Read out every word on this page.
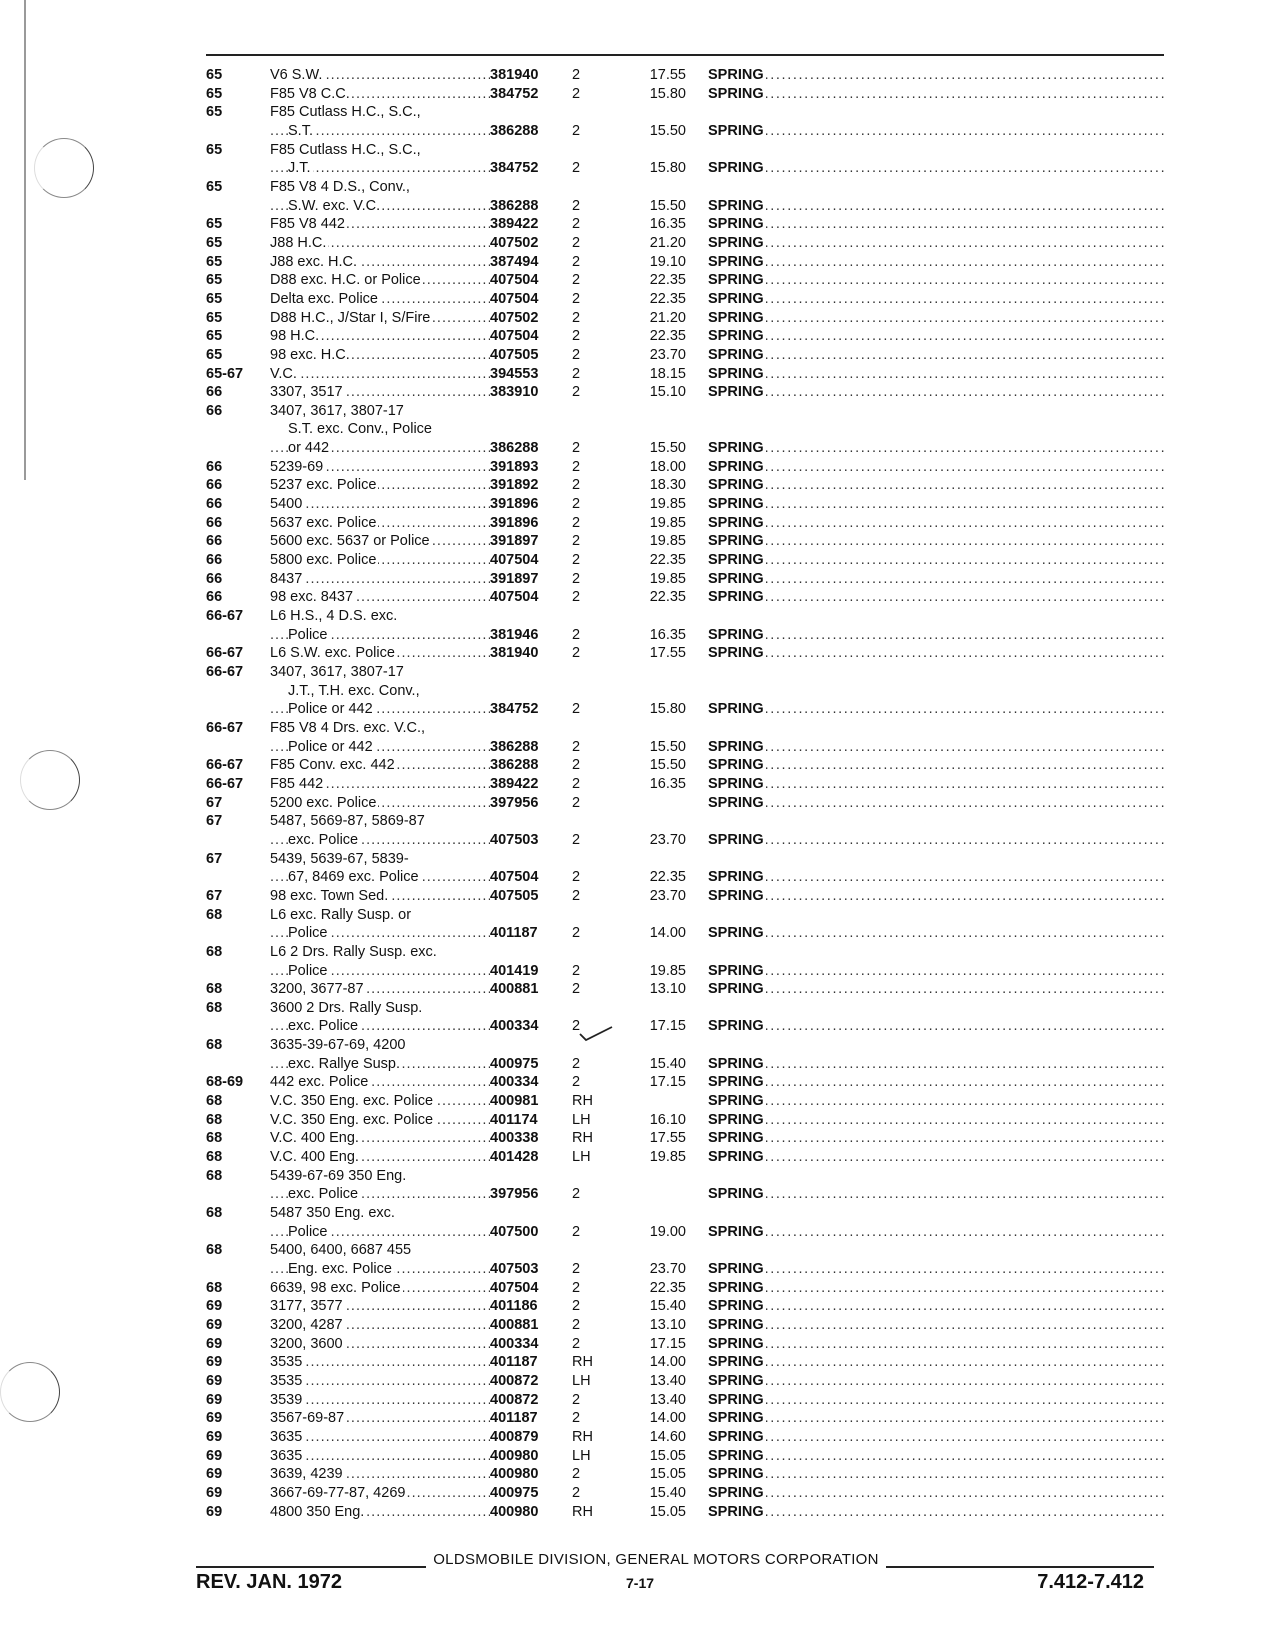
65	V6 S.W. . . .	381940	2	17.55	SPRING . . .
65	F85 V8 C.C. . . .	384752	2	15.80	SPRING . . .
65	F85 Cutlass H.C., S.C.,
S.T. . . .	386288	2	15.50	SPRING . . .
65	F85 Cutlass H.C., S.C.,
J.T. . . .	384752	2	15.80	SPRING . . .
65	F85 V8 4 D.S., Conv.,
S.W. exc. V.C. . . .	386288	2	15.50	SPRING . . .
65	F85 V8 442 . . .	389422	2	16.35	SPRING . . .
65	J88 H.C. . . .	407502	2	21.20	SPRING . . .
65	J88 exc. H.C. . . .	387494	2	19.10	SPRING . . .
65	D88 exc. H.C. or Police . . .	407504	2	22.35	SPRING . . .
65	Delta exc. Police . . .	407504	2	22.35	SPRING . . .
65	D88 H.C., J/Star I, S/Fire . . .	407502	2	21.20	SPRING . . .
65	98 H.C. . . .	407504	2	22.35	SPRING . . .
65	98 exc. H.C. . . .	407505	2	23.70	SPRING . . .
65-67	V.C. . . .	394553	2	18.15	SPRING . . .
66	3307, 3517 . . .	383910	2	15.10	SPRING . . .
66	3407, 3617, 3807-17
S.T. exc. Conv., Police
or 442 . . .	386288	2	15.50	SPRING . . .
66	5239-69 . . .	391893	2	18.00	SPRING . . .
66	5237 exc. Police . . .	391892	2	18.30	SPRING . . .
66	5400 . . .	391896	2	19.85	SPRING . . .
66	5637 exc. Police . . .	391896	2	19.85	SPRING . . .
66	5600 exc. 5637 or Police . . .	391897	2	19.85	SPRING . . .
66	5800 exc. Police . . .	407504	2	22.35	SPRING . . .
66	8437 . . .	391897	2	19.85	SPRING . . .
66	98 exc. 8437 . . .	407504	2	22.35	SPRING . . .
66-67	L6 H.S., 4 D.S. exc.
Police . . .	381946	2	16.35	SPRING . . .
66-67	L6 S.W. exc. Police . . .	381940	2	17.55	SPRING . . .
66-67	3407, 3617, 3807-17
J.T., T.H. exc. Conv.,
Police or 442 . . .	384752	2	15.80	SPRING . . .
66-67	F85 V8 4 Drs. exc. V.C.,
Police or 442 . . .	386288	2	15.50	SPRING . . .
66-67	F85 Conv. exc. 442 . . .	386288	2	15.50	SPRING . . .
66-67	F85 442 . . .	389422	2	16.35	SPRING . . .
67	5200 exc. Police . . .	397956	2	SPRING . . .
67	5487, 5669-87, 5869-87
exc. Police . . .	407503	2	23.70	SPRING . . .
67	5439, 5639-67, 5839-
67, 8469 exc. Police . . .	407504	2	22.35	SPRING . . .
67	98 exc. Town Sed. . . .	407505	2	23.70	SPRING . . .
68	L6 exc. Rally Susp. or
Police . . .	401187	2	14.00	SPRING . . .
68	L6 2 Drs. Rally Susp. exc.
Police . . .	401419	2	19.85	SPRING . . .
68	3200, 3677-87 . . .	400881	2	13.10	SPRING . . .
68	3600 2 Drs. Rally Susp.
exc. Police . . .	400334	2	17.15	SPRING . . .
68	3635-39-67-69, 4200
exc. Rallye Susp. . . .	400975	2	15.40	SPRING . . .
68-69	442 exc. Police . . .	400334	2	17.15	SPRING . . .
68	V.C. 350 Eng. exc. Police . . .	400981	RH	SPRING . . .
68	V.C. 350 Eng. exc. Police . . .	401174	LH	16.10	SPRING . . .
68	V.C. 400 Eng. . . .	400338	RH	17.55	SPRING . . .
68	V.C. 400 Eng. . . .	401428	LH	19.85	SPRING . . .
68	5439-67-69 350 Eng.
exc. Police . . .	397956	2	SPRING . . .
68	5487 350 Eng. exc.
Police . . .	407500	2	19.00	SPRING . . .
68	5400, 6400, 6687 455
Eng. exc. Police . . .	407503	2	23.70	SPRING . . .
68	6639, 98 exc. Police . . .	407504	2	22.35	SPRING . . .
69	3177, 3577 . . .	401186	2	15.40	SPRING . . .
69	3200, 4287 . . .	400881	2	13.10	SPRING . . .
69	3200, 3600 . . .	400334	2	17.15	SPRING . . .
69	3535 . . .	401187	RH	14.00	SPRING . . .
69	3535 . . .	400872	LH	13.40	SPRING . . .
69	3539 . . .	400872	2	13.40	SPRING . . .
69	3567-69-87 . . .	401187	2	14.00	SPRING . . .
69	3635 . . .	400879	RH	14.60	SPRING . . .
69	3635 . . .	400980	LH	15.05	SPRING . . .
69	3639, 4239 . . .	400980	2	15.05	SPRING . . .
69	3667-69-77-87, 4269 . . .	400975	2	15.40	SPRING . . .
69	4800 350 Eng. . . .	400980	RH	15.05	SPRING . . .
OLDSMOBILE DIVISION, GENERAL MOTORS CORPORATION
REV. JAN. 1972	7-17	7.412-7.412
